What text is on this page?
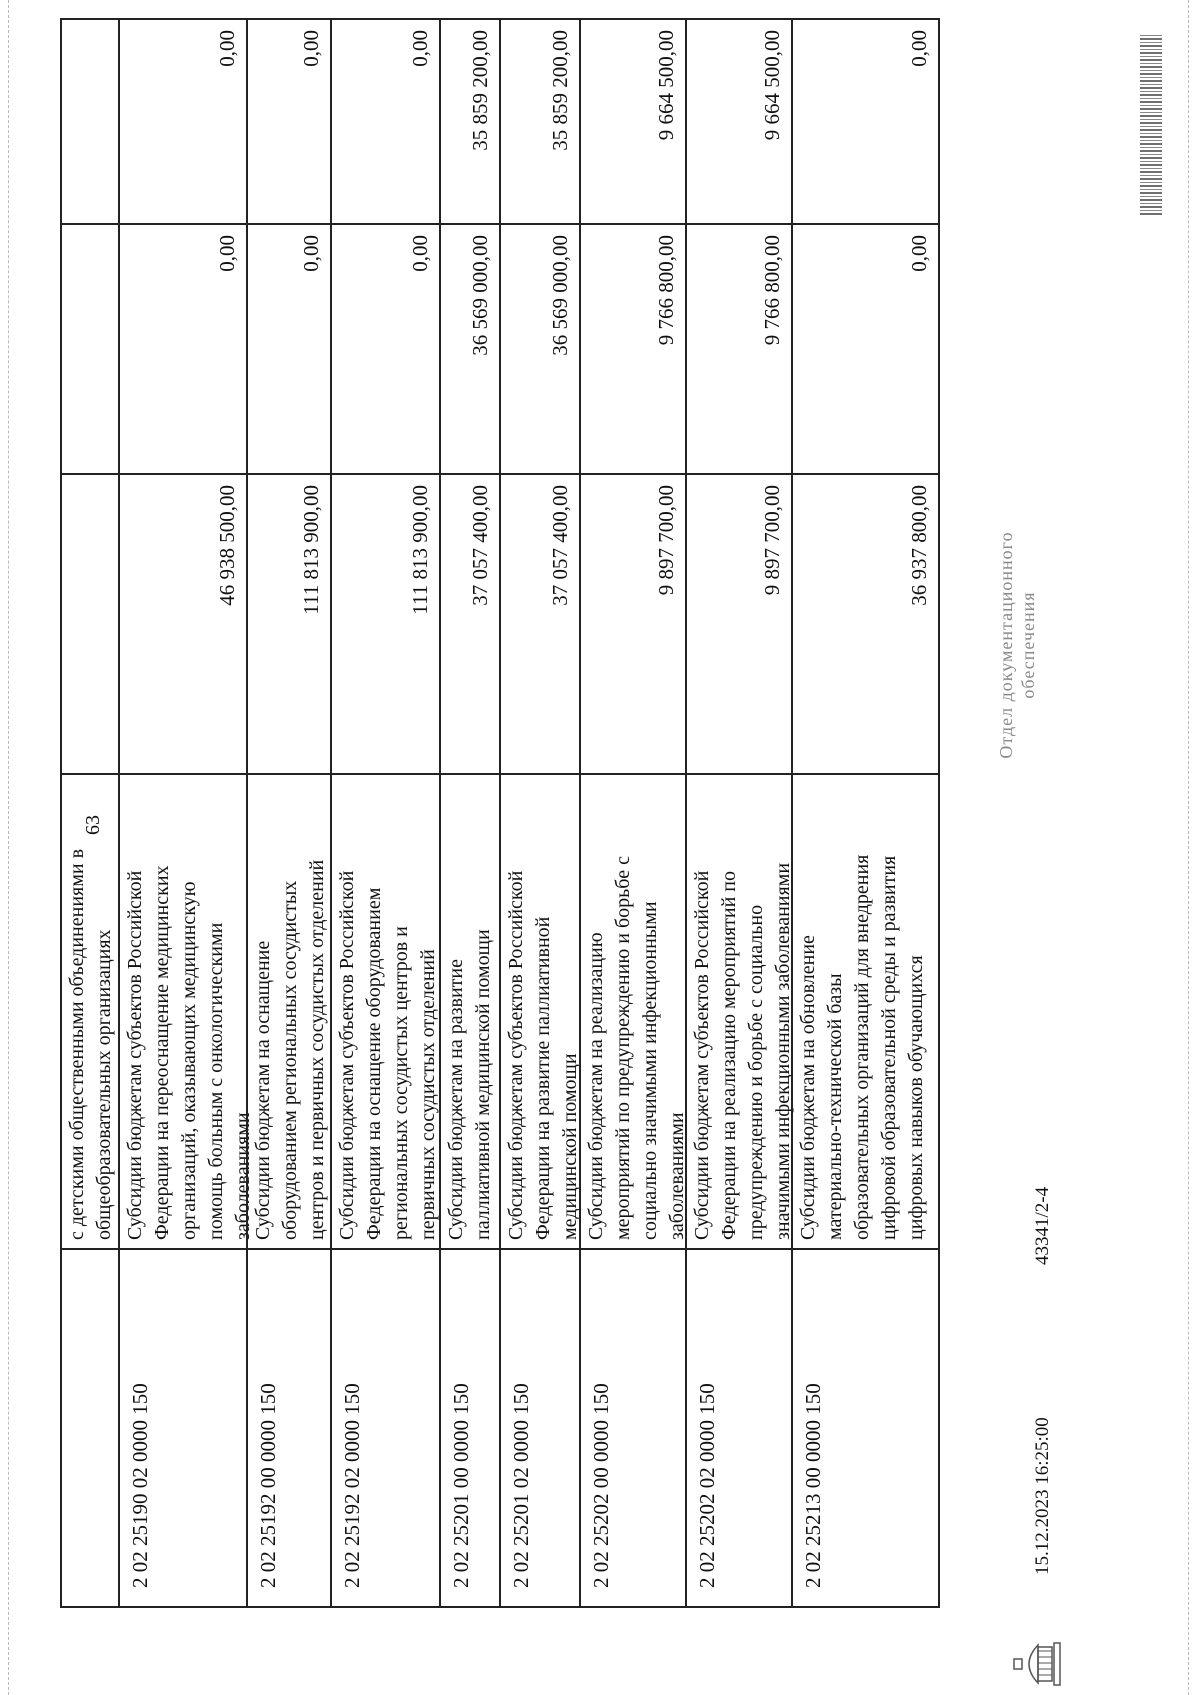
63
с детскими общественными объединениями в общеобразовательных организациях
2 02 25190 02 0000 150
Субсидии бюджетам субъектов Российской Федерации на переоснащение медицинских организаций, оказывающих медицинскую помощь больным с онкологическими заболеваниями
46 938 500,00
0,00
0,00
2 02 25192 00 0000 150
Субсидии бюджетам на оснащение оборудованием региональных сосудистых центров и первичных сосудистых отделений
111 813 900,00
0,00
0,00
2 02 25192 02 0000 150
Субсидии бюджетам субъектов Российской Федерации на оснащение оборудованием региональных сосудистых центров и первичных сосудистых отделений
111 813 900,00
0,00
0,00
2 02 25201 00 0000 150
Субсидии бюджетам на развитие паллиативной медицинской помощи
37 057 400,00
36 569 000,00
35 859 200,00
2 02 25201 02 0000 150
Субсидии бюджетам субъектов Российской Федерации на развитие паллиативной медицинской помощи
37 057 400,00
36 569 000,00
35 859 200,00
2 02 25202 00 0000 150
Субсидии бюджетам на реализацию мероприятий по предупреждению и борьбе с социально значимыми инфекционными заболеваниями
9 897 700,00
9 766 800,00
9 664 500,00
2 02 25202 02 0000 150
Субсидии бюджетам субъектов Российской Федерации на реализацию мероприятий по предупреждению и борьбе с социально значимыми инфекционными заболеваниями
9 897 700,00
9 766 800,00
9 664 500,00
2 02 25213 00 0000 150
Субсидии бюджетам на обновление материально-технической базы образовательных организаций для внедрения цифровой образовательной среды и развития цифровых навыков обучающихся
36 937 800,00
0,00
0,00
15.12.2023 16:25:00
43341/2-4
Отдел документационного обеспечения
